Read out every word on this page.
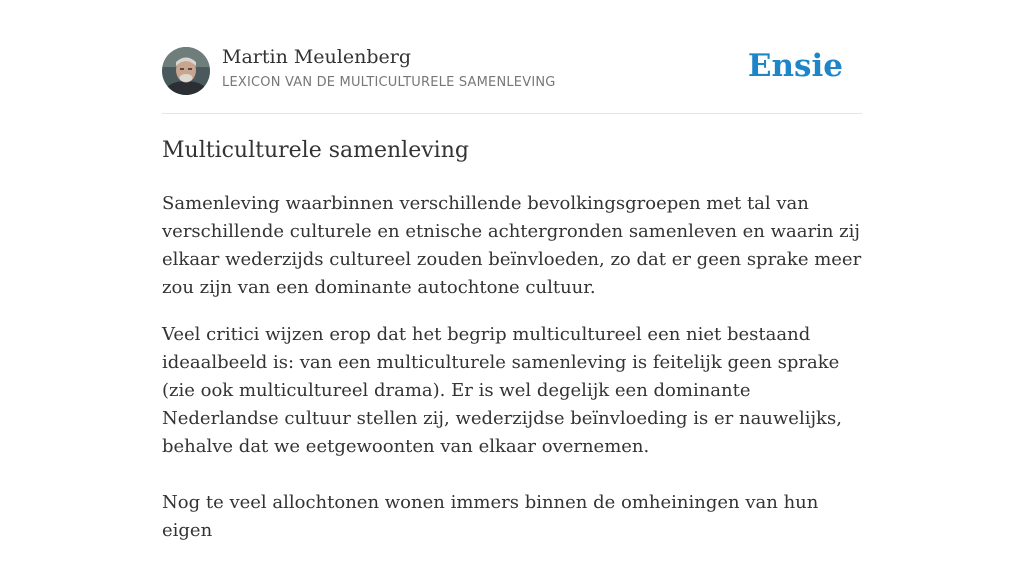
Martin Meulenberg
LEXICON VAN DE MULTICULTURELE SAMENLEVING	Ensie
Multiculturele samenleving

Samenleving waarbinnen verschillende bevolkingsgroepen met tal van verschillende culturele en etnische achtergronden samenleven en waarin zij elkaar wederzijds cultureel zouden beïnvloeden, zo dat er geen sprake meer zou zijn van een dominante autochtone cultuur.

Veel critici wijzen erop dat het begrip multicultureel een niet bestaand ideaalbeeld is: van een multiculturele samenleving is feitelijk geen sprake (zie ook multicultureel drama). Er is wel degelijk een dominante Nederlandse cultuur stellen zij, wederzijdse beïnvloeding is er nauwelijks, behalve dat we eetgewoonten van elkaar overnemen.

Nog te veel allochtonen wonen immers binnen de omheiningen van hun eigen
